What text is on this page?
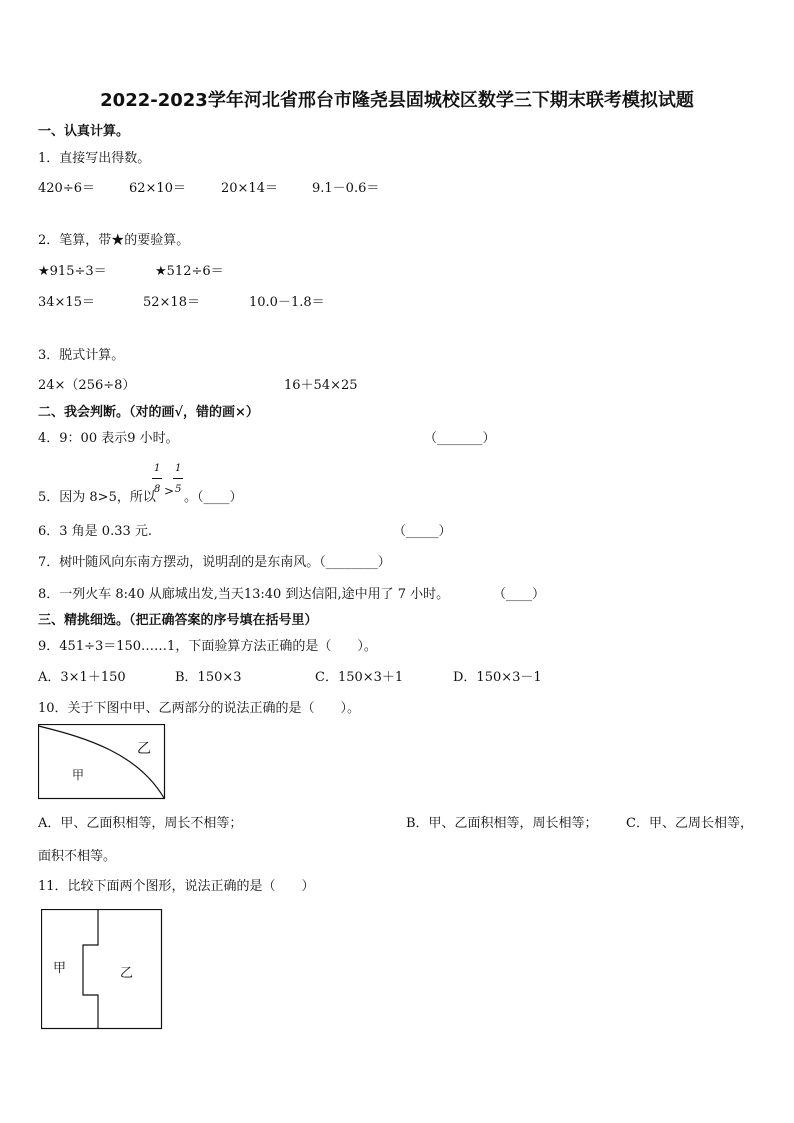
2022-2023学年河北省邢台市隆尧县固城校区数学三下期末联考模拟试题
一、认真计算。
1．直接写出得数。
420÷6＝	62×10＝	20×14＝	9.1－0.6＝
2．笔算，带★的要验算。
★915÷3＝	★512÷6＝
34×15＝	52×18＝	10.0－1.8＝
3．脱式计算。
24×（256÷8）	16＋54×25
二、我会判断。（对的画√，错的画×）
4．9：00 表示9 小时。	（_______）
5．因为 8>5，所以
1
8 >
1
5
。（____）
6．3 角是 0.33 元.	（_____）
7．树叶随风向东南方摆动，说明刮的是东南风。（________）
8．一列火车 8:40 从廊城出发,当天13:40 到达信阳,途中用了 7 小时。	（____）
三、精挑细选。（把正确答案的序号填在括号里）
9．451÷3＝150……1，下面验算方法正确的是（　　）。
A．3×1＋150	B．150×3	C．150×3＋1	D．150×3－1
10．关于下图中甲、乙两部分的说法正确的是（　　）。
乙
甲
A．甲、乙面积相等，周长不相等；	B．甲、乙面积相等，周长相等； C．甲、乙周长相等，
面积不相等。
11．比较下面两个图形，说法正确的是（　　）
甲	乙
